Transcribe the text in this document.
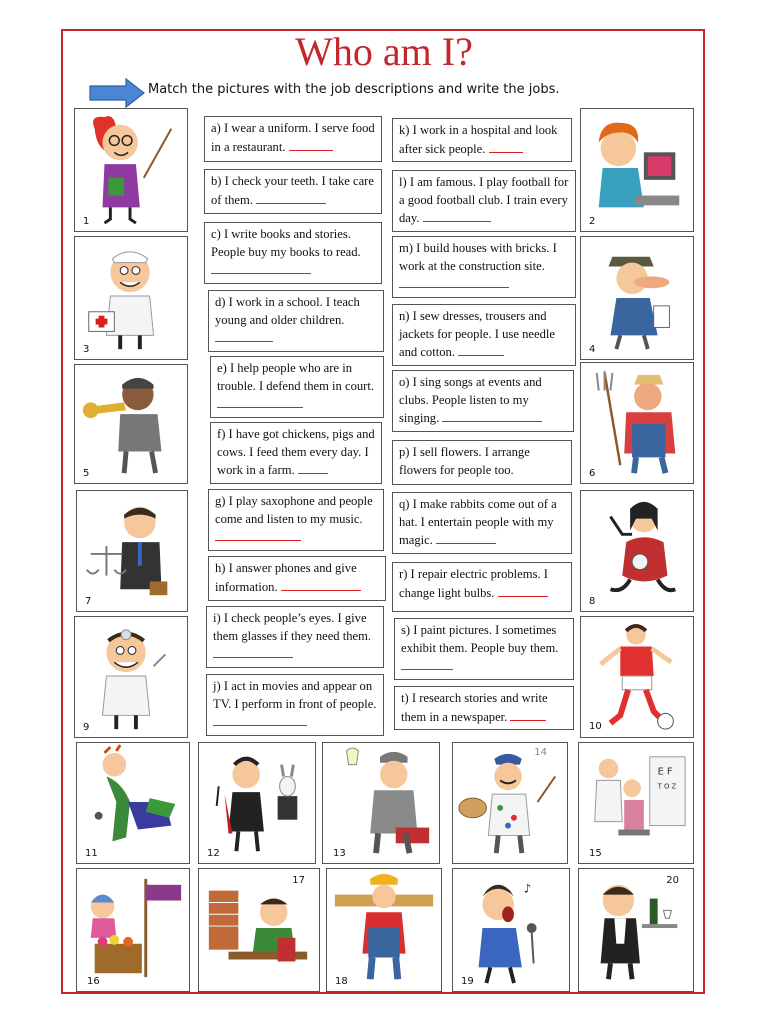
Who am I?
Match the pictures with the job descriptions and write the jobs.
a) I wear a uniform. I serve food in a restaurant.
b) I check your teeth. I take care of them.
c) I write books and stories. People buy my books to read.
d) I work in a school. I teach young and older children.
e) I help people who are in trouble. I defend them in court.
f) I have got chickens, pigs and cows. I feed them every day. I work in a farm.
g) I play saxophone and people come and listen to my music.
h) I answer phones and give information.
i) I check people’s eyes. I give them glasses if they need them.
j) I act in movies and appear on TV. I perform in front of people.
k) I work in a hospital and look after sick people.
l) I am famous. I play football for a good football club. I train every day.
m) I build houses with bricks. I work at the construction site.
n) I sew dresses, trousers and jackets for people. I use needle and cotton.
o) I sing songs at events and clubs. People listen to my singing.
p) I sell flowers. I arrange flowers for people too.
q) I make rabbits come out of a hat. I entertain people with my magic.
r) I repair electric problems. I change light bulbs.
s) I paint pictures. I sometimes exhibit them. People buy them.
t) I research stories and write them in a newspaper.
1	2
3	4
5	6
7	8
9	10
11	12	13
14
E F
T O Z
15
16
17
18
♪
19
20
